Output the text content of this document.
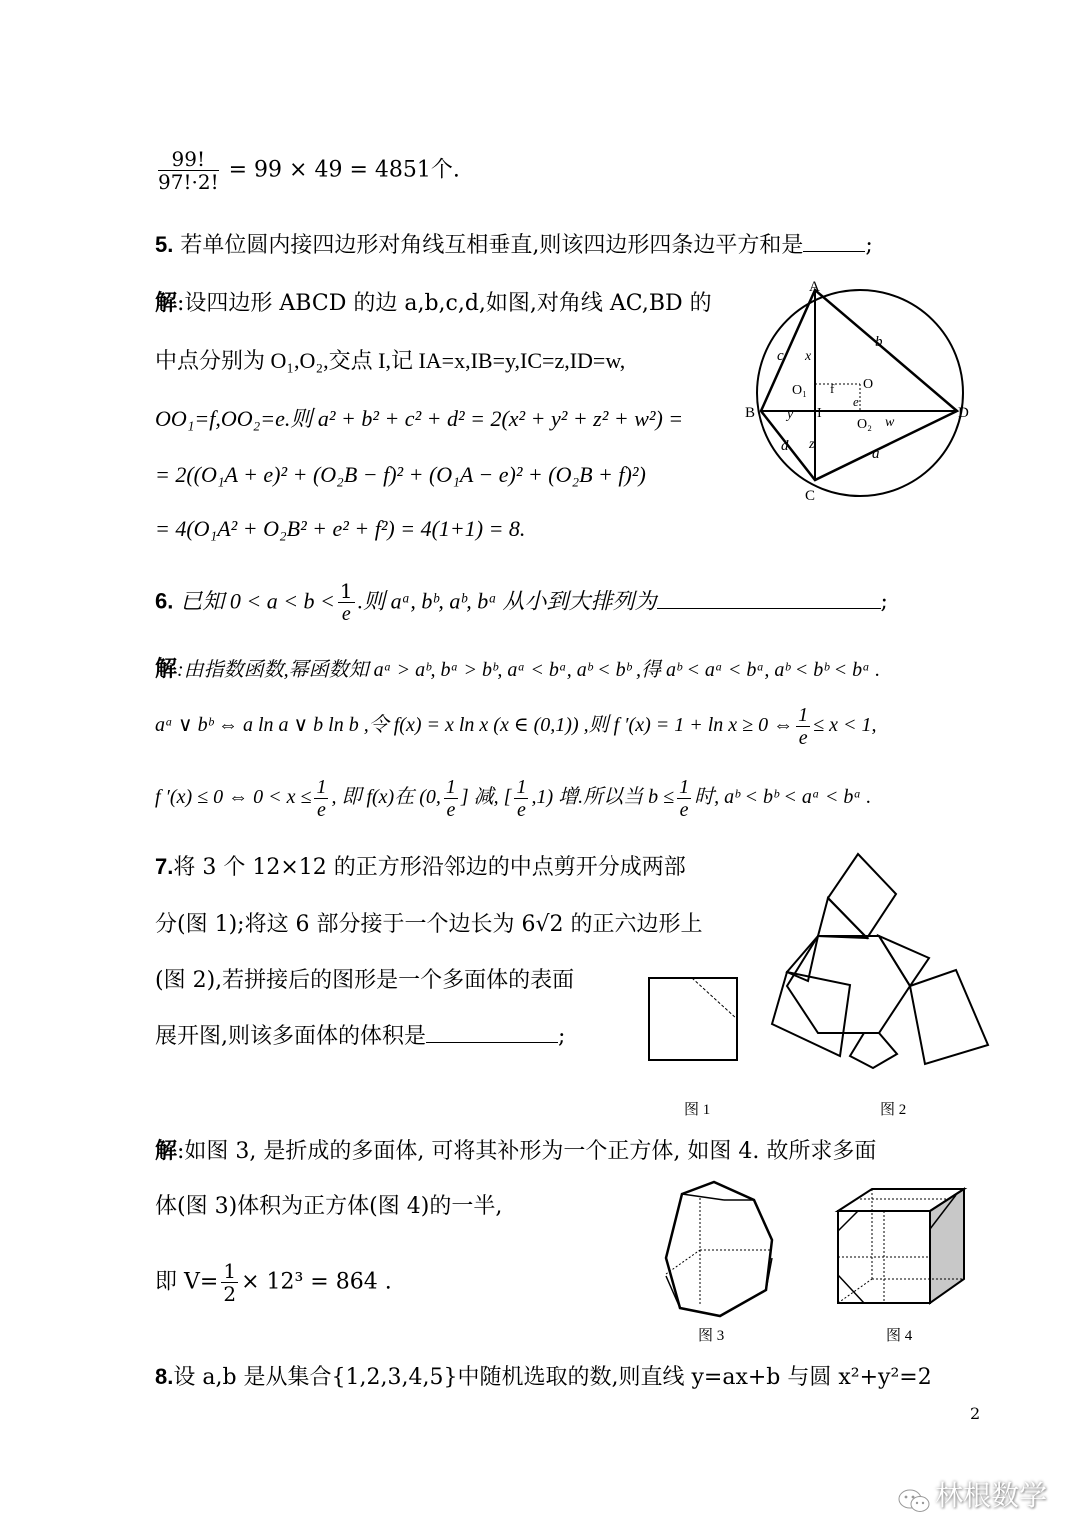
$\frac{99!}{97!\cdot 2!} = 99 \times 49 = 4851$个.
5. 若单位圆内接四边形对角线互相垂直,则该四边形四条边平方和是	;
解:设四边形 ABCD 的边 a,b,c,d,如图,对角线 AC,BD 的
中点分别为 O₁,O₂,交点 I,记 IA=x,IB=y,IC=z,ID=w,
OO₁=f,OO₂=e.则 a² + b² + c² + d² = 2(x² + y² + z² + w²) =
= 2((O₁A + e)² + (O₂B − f)² + (O₁A − e)² + (O₂B + f)²)
= 4(O₁A² + O₂B² + e² + f²) = 4(1+1) = 8.
A
B
C
D
O
O₁
O₂
I
b
a
c
d
x
y
z
w
f
e
6. 已知 $0 < a < b < \frac{1}{e}$ .则 aᵃ, bᵇ, aᵇ, bᵃ 从小到大排列为	;
解:由指数函数,幂函数知 aᵃ > aᵇ, bᵃ > bᵇ, aᵃ < bᵃ, aᵇ < bᵇ ,得 aᵇ < aᵃ < bᵃ, aᵇ < bᵇ < bᵃ .
aᵃ ∨ bᵇ ⇔ a ln a ∨ b ln b ,令 f(x) = x ln x (x ∈ (0,1)) ,则 f ′(x) = 1 + ln x ≥ 0 ⇔ $\frac{1}{e} \le x < 1$,
f ′(x) ≤ 0 ⇔ $0 < x \le \frac{1}{e}$ , 即 f(x)在 (0, $\frac{1}{e}$ ] 减, [ $\frac{1}{e} ,1$) 增.所以当 $b \le \frac{1}{e}$ 时, aᵇ < bᵇ < aᵃ < bᵃ .
7.将 3 个 12×12 的正方形沿邻边的中点剪开分成两部
分(图 1);将这 6 部分接于一个边长为 6√2 的正六边形上
(图 2),若拼接后的图形是一个多面体的表面
展开图,则该多面体的体积是	;
图 1	图 2
解:如图 3, 是折成的多面体, 可将其补形为一个正方体, 如图 4. 故所求多面
体(图 3)体积为正方体(图 4)的一半,
即 $V= \frac{1}{2} \times 12^3 = 864$ .
图 3	图 4
8.设 a,b 是从集合{1,2,3,4,5}中随机选取的数,则直线 y=ax+b 与圆 x²+y²=2
2
林根数学
